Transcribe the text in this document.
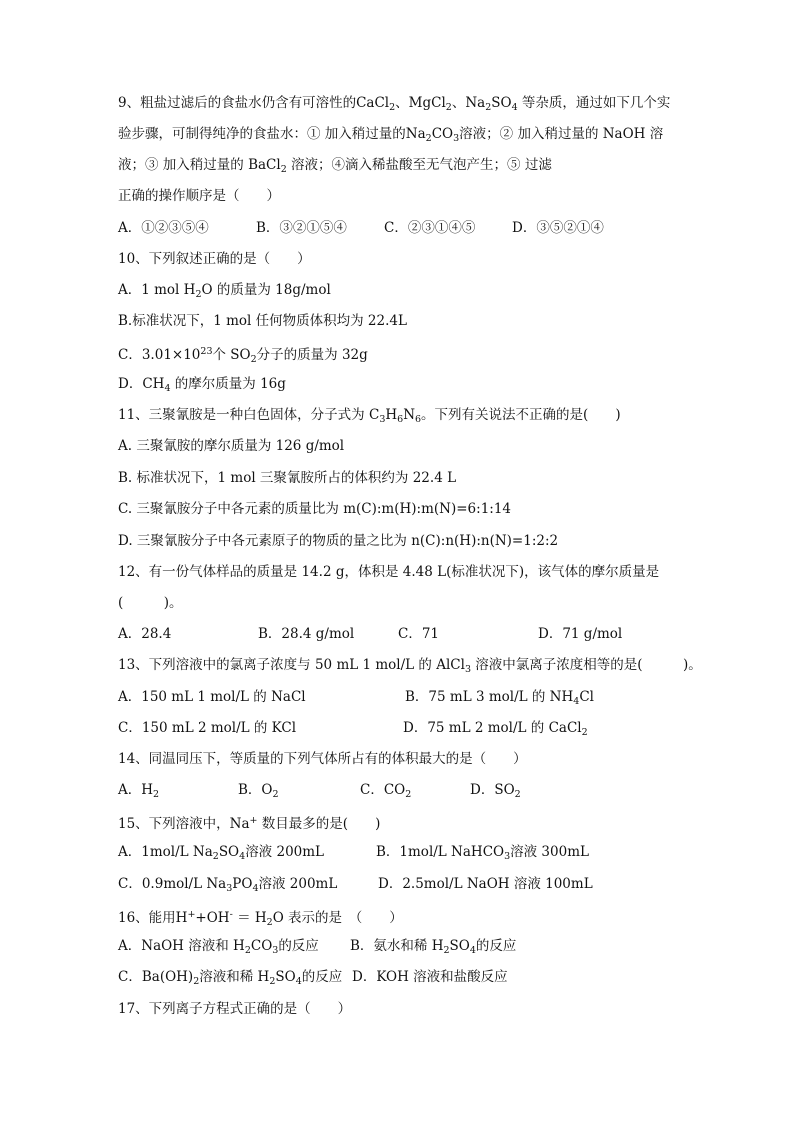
9、粗盐过滤后的食盐水仍含有可溶性的CaCl$_2$、MgCl$_2$、$Na_2SO_4$ 等杂质，通过如下几个实
验步骤，可制得纯净的食盐水：① 加入稍过量的$Na_2CO_3$溶液；② 加入稍过量的 NaOH 溶
液；③ 加入稍过量的 BaCl$_2$ 溶液；④滴入稀盐酸至无气泡产生；⑤ 过滤
正确的操作顺序是（　　）
A．①②③⑤④	B．③②①⑤④	C．②③①④⑤	D．③⑤②①④
10、下列叙述正确的是（　　）
A．1 mol $H_2O$ 的质量为 18g/mol
B.标准状况下，1 mol 任何物质体积均为 22.4L
C．$3.01\times 10^{23}$个 $SO_2$分子的质量为 32g
D．$CH_4$ 的摩尔质量为 16g
11、三聚氰胺是一种白色固体，分子式为 $C_3H_6N_6$。下列有关说法不正确的是(　　)
A. 三聚氰胺的摩尔质量为 126 g/mol
B. 标准状况下，1 mol 三聚氰胺所占的体积约为 22.4 L
C. 三聚氰胺分子中各元素的质量比为 m(C):m(H):m(N)=6:1:14
D. 三聚氰胺分子中各元素原子的物质的量之比为 n(C):n(H):n(N)=1:2:2
12、有一份气体样品的质量是 14.2 g，体积是 4.48 L(标准状况下)，该气体的摩尔质量是
(　　　)。
A．28.4	B．28.4 g/mol	C．71	D．71 g/mol
13、下列溶液中的氯离子浓度与 50 mL 1 mol/L 的 AlCl$_3$ 溶液中氯离子浓度相等的是(　　　)。
A．150 mL 1 mol/L 的 NaCl	B．75 mL 3 mol/L 的 $NH_4Cl$
C．150 mL 2 mol/L 的 KCl	D．75 mL 2 mol/L 的 CaCl$_2$
14、同温同压下，等质量的下列气体所占有的体积最大的是（　　）
A．$H_2$	B．$O_2$	C．$CO_2$	D．$SO_2$
15、下列溶液中，Na+ 数目最多的是(　　)
A．1mol/L $Na_2SO_4$溶液 200mL	B．1mol/L NaHCO$_3$溶液 300mL
C．0.9mol/L $Na_3PO_4$溶液 200mL	D．2.5mol/L NaOH 溶液 100mL
16、能用$H^++OH^- = H_2O$ 表示的是　（　　）
A．NaOH 溶液和 $H_2CO_3$的反应 B．氨水和稀 $H_2SO_4$的反应
C．$Ba(OH)_2$溶液和稀 $H_2SO_4$的反应 D．KOH 溶液和盐酸反应
17、下列离子方程式正确的是（　　）
